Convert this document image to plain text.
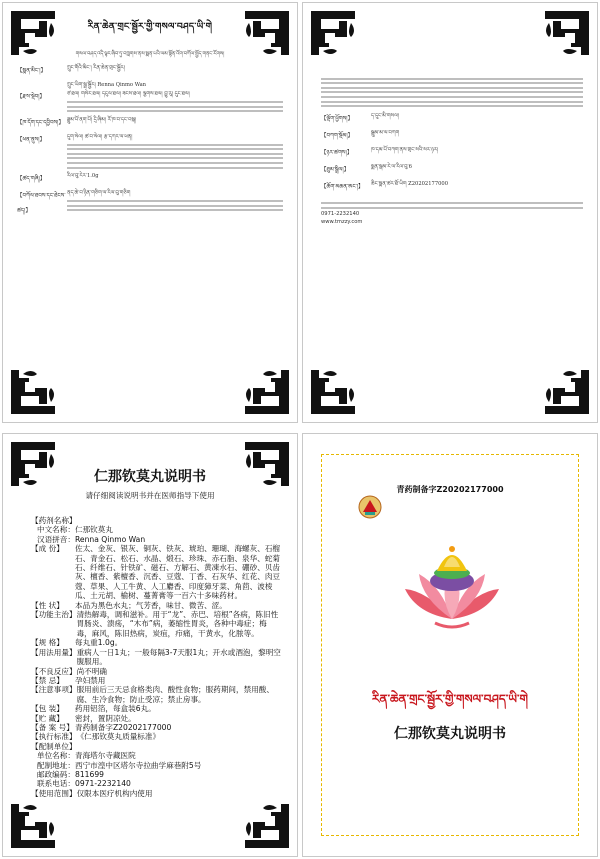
རིན་ཆེན་གྲང་སྦྱོར་གྱི་གསལ་བཤད་ཡི་གེ
གསལ་བཤད་འདི་ལྟར་ཞིབ་ཏུ་བཀླགས་ནས་སྨན་པའི་ལམ་སྟོན་འོག་བཀོལ་སྤྱོད་གནང་རོགས།
【སྨན་མིང་།】	ཀྲུང་གོའི་མིང་། རིན་ཆེན་གྲང་སྦྱོར།
ཀྲུང་ཡིག་སྒྲ་སྦྱོར། Renna Qinmo Wan
【རྫས་སྡེབ།】	ཙ་ཐལ། གསེར་ཐལ། དངུལ་ཐལ། ཟངས་ཐལ། ལྕགས་ཐལ། བྱུ་རུ། དུང་ཐལ།
【ཁ་དོག་དང་དབྱིབས།】 ཟླུམ་པོ་ནག་པོ། དྲི་ཞིམ། རོ་ཁ་བ་དང་བསྐ།
【ཕན་ནུས།】	དུག་སེལ། ཚ་བ་སེལ། རྩ་དཀར་ལ་ཕན།
【ཚད་གཞི།】	རིལ་བུ་རེར་1.0g
【བཀོལ་ཐབས་དང་ཐེངས་ཚད།】
ནད་ཆེ་བ་ཉིན་གཅིག་ལ་རིལ་བུ་གཅིག
【ལྡོག་ཕྱོགས།】	ད་དུང་མི་གསལ།
【བཀག་སྡོམ།】	སྦྲུམ་མ་ལ་བཀག
【ཉར་ཚགས།】	ཁ་དམ་པོ་བཀག་ནས་གྲང་སའི་སར་ཉར།
【ཐུམ་སྒྲིལ།】	སྨན་སྒམ་རེ་ལ་རིལ་བུ་6
【ཆོག་མཆན་ཨང་།】	ཆིང་སྨན་ཚར་ཐོ་ཡིག Z20202177000
0971-2232140
www.tmzzy.com
仁那钦莫丸说明书
请仔细阅读说明书并在医师指导下使用
【药剂名称】
中文名称： 仁那钦莫丸
汉语拼音： Renna Qinmo Wan
【成 份】	佐太、金灰、银灰、铜灰、铁灰、琥珀、珊瑚、海螺灰、石榴石、青金石、松石、水晶、煅石、珍珠、赤石脂、泉华、蛇菊石、纤维石、针铁矿、磁石、方解石、黄凍水石、硼砂、贝齿灰、檀香、紫檀香、沉香、豆蔻、丁香、石灰华、红花、肉豆蔻、草果、人工牛黄、人工麝香、印度獐牙菜、角茴、波棱瓜、土元胡、榆树、蔓菁膏等一百六十多味药材。
【性 状】	本品为黑色水丸；气芳香，味甘、微苦、涩。
【功能主治】 清热解毒，调和滋补。用于“龙”、赤巴、培根”各病，陈旧性胃肠炎、溃疡，“木布”病，萎缩性胃炎，各种中毒症；梅毒，麻风，陈旧热病，炭疽，疖痛，干黄水，化脓等。
【规 格】	每丸重1.0g。
【用法用量】 重病人一日1丸；一般每隔3-7天服1丸；开水或酒泡，黎明空腹服用。
【不良反应】 尚不明确
【禁 忌】	孕妇禁用
【注意事项】 服用前后三天忌食格类肉、酸性食物；服药期间，禁用酸、腐、生冷食物；防止受凉；禁止房事。
【包 装】	药用铝箔，每盒装6丸。
【贮 藏】	密封，置阴凉处。
【备 案 号】 青药制备字Z20202177000
【执行标准】 《仁那钦莫丸质量标准》
【配制单位】
单位名称： 青海塔尔寺藏医院
配制地址： 西宁市湟中区塔尔寺拉曲学麻巷附5号
邮政编码： 811699
联系电话： 0971-2232140
【使用范围】 仅限本医疗机构内使用
青药制备字Z20202177000
རིན་ཆེན་གྲང་སྦྱོར་གྱི་གསལ་བཤད་ཡི་གེ
仁那钦莫丸说明书
